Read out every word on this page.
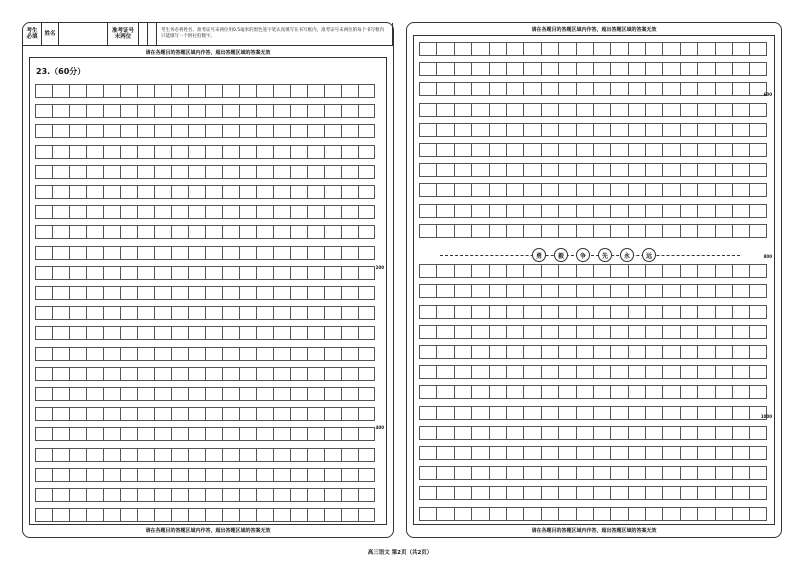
考生
必填	姓名	准考证号
末两位
考生务必将姓名、准考证号末两位用0.5毫米的黑色签字笔认真填写在书写框内，准考证号末两位的每个书写框内只能填写一个阿拉伯数字。
请在各题目的答题区域内作答，超出答题区域的答案无效
23.（60分）
200
400
请在各题目的答题区域内作答，超出答题区域的答案无效
请在各题目的答题区域内作答，超出答题区域的答案无效
600
800
1000
勇	毅	争	先	永	远
请在各题目的答题区域内作答，超出答题区域的答案无效
高三语文 第2页（共2页）
